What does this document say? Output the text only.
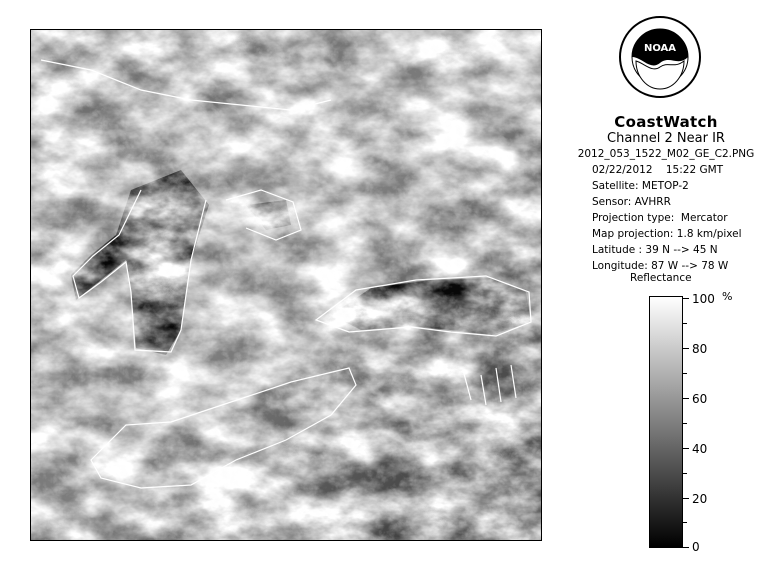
NOAA
CoastWatch
Channel 2 Near IR
2012_053_1522_M02_GE_C2.PNG
02/22/2012    15:22 GMT
Satellite: METOP-2
Sensor: AVHRR
Projection type:  Mercator
Map projection: 1.8 km/pixel
Latitude : 39 N --> 45 N
Longitude: 87 W --> 78 W
Reflectance
%
100
80
60
40
20
0
